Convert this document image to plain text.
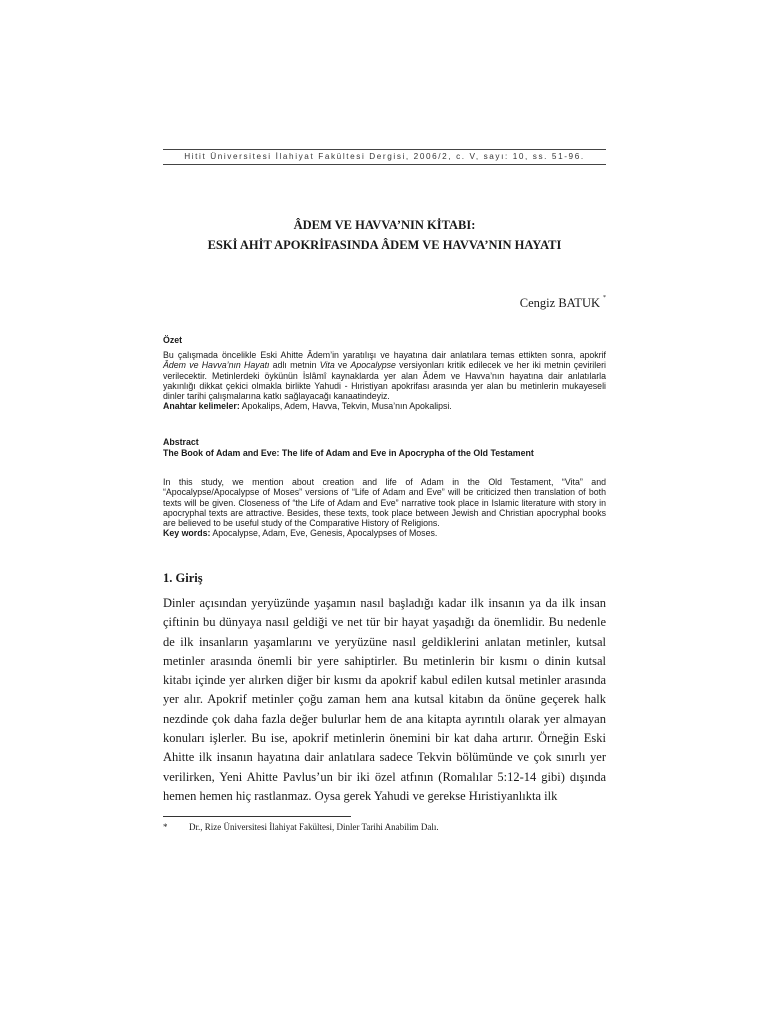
Hitit Üniversitesi İlahiyat Fakültesi Dergisi, 2006/2, c. V, sayı: 10, ss. 51-96.
ÂDEM VE HAVVA’NIN KİTABI:
ESKİ AHİT APOKRİFASINDA ÂDEM VE HAVVA’NIN HAYATI
Cengiz BATUK *
Özet
Bu çalışmada öncelikle Eski Ahitte Âdem’in yaratılışı ve hayatına dair anlatılara temas ettikten sonra, apokrif Âdem ve Havva’nın Hayatı adlı metnin Vita ve Apocalypse versiyonları kritik edilecek ve her iki metnin çevirileri verilecektir. Metinlerdeki öykünün İslâmî kaynaklarda yer alan Âdem ve Havva’nın hayatına dair anlatılarla yakınlığı dikkat çekici olmakla birlikte Yahudi - Hıristiyan apokrifası arasında yer alan bu metinlerin mukayeseli dinler tarihi çalışmalarına katkı sağlayacağı kanaatindeyiz.
Anahtar kelimeler: Apokalips, Adem, Havva, Tekvin, Musa’nın Apokalipsi.
Abstract
The Book of Adam and Eve: The life of Adam and Eve in Apocrypha of the Old Testament
In this study, we mention about creation and life of Adam in the Old Testament, “Vita” and “Apocalypse/Apocalypse of Moses” versions of “Life of Adam and Eve” will be criticized then translation of both texts will be given. Closeness of “the Life of Adam and Eve” narrative took place in Islamic literature with story in apocryphal texts are attractive. Besides, these texts, took place between Jewish and Christian apocryphal books are believed to be useful study of the Comparative History of Religions.
Key words: Apocalypse, Adam, Eve, Genesis, Apocalypses of Moses.
1. Giriş
Dinler açısından yeryüzünde yaşamın nasıl başladığı kadar ilk insanın ya da ilk insan çiftinin bu dünyaya nasıl geldiği ve net tür bir hayat yaşadığı da önemlidir. Bu nedenle de ilk insanların yaşamlarını ve yeryüzüne nasıl geldiklerini anlatan metinler, kutsal metinler arasında önemli bir yere sahiptirler. Bu metinlerin bir kısmı o dinin kutsal kitabı içinde yer alırken diğer bir kısmı da apokrif kabul edilen kutsal metinler arasında yer alır. Apokrif metinler çoğu zaman hem ana kutsal kitabın da önüne geçerek halk nezdinde çok daha fazla değer bulurlar hem de ana kitapta ayrıntılı olarak yer almayan konuları işlerler. Bu ise, apokrif metinlerin önemini bir kat daha artırır. Örneğin Eski Ahitte ilk insanın hayatına dair anlatılara sadece Tekvin bölümünde ve çok sınırlı yer verilirken, Yeni Ahitte Pavlus’un bir iki özel atfının (Romalılar 5:12-14 gibi) dışında hemen hemen hiç rastlanmaz. Oysa gerek Yahudi ve gerekse Hıristiyanlıkta ilk
* Dr., Rize Üniversitesi İlahiyat Fakültesi, Dinler Tarihi Anabilim Dalı.
